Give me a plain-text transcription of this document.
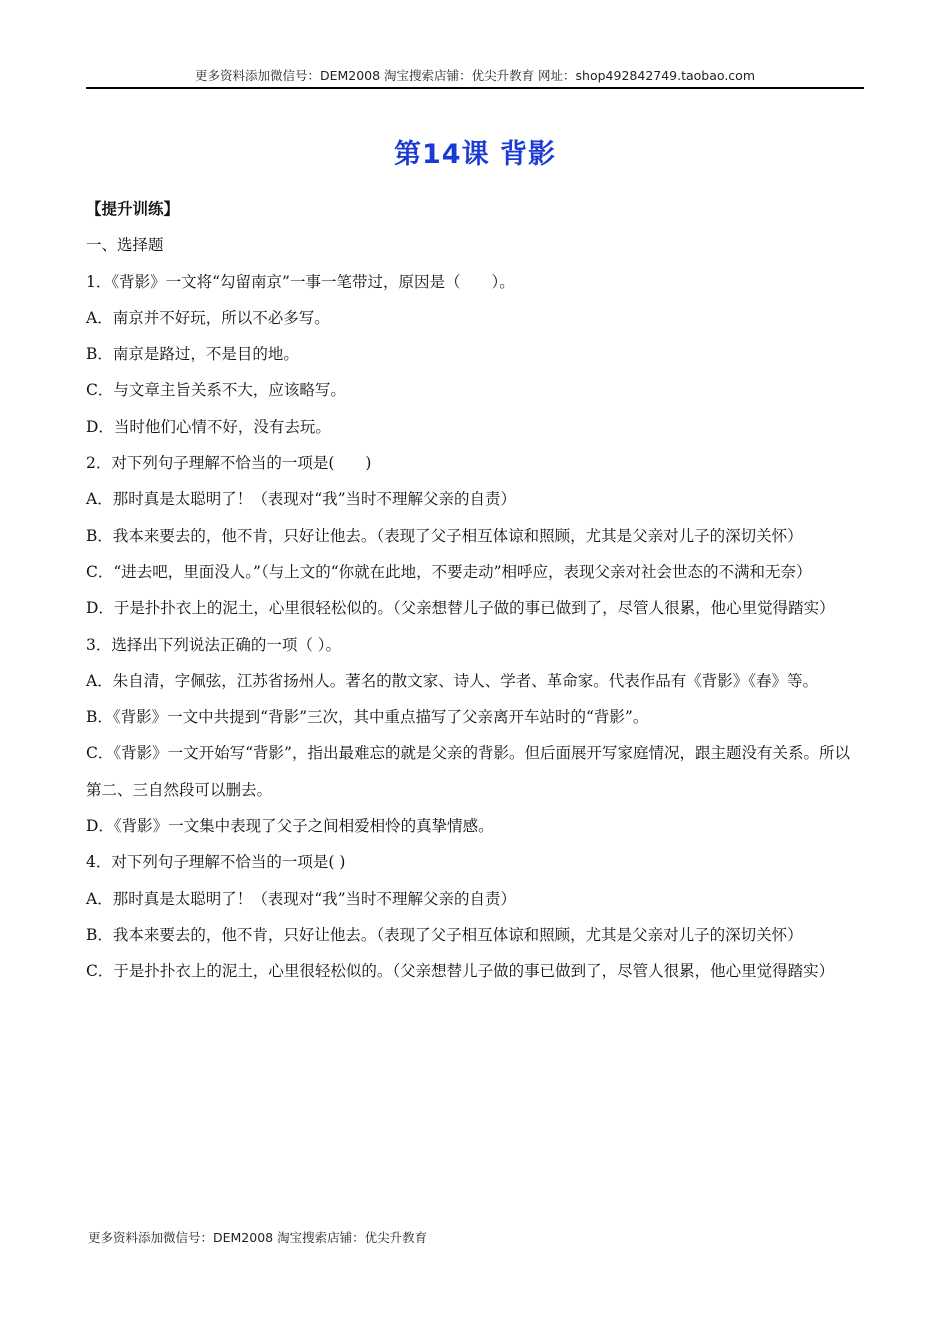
更多资料添加微信号：DEM2008 淘宝搜索店铺：优尖升教育 网址：shop492842749.taobao.com
第14课 背影
【提升训练】
一、选择题
1．《背影》一文将“勾留南京”一事一笔带过，原因是（　　）。
A．南京并不好玩，所以不必多写。
B．南京是路过，不是目的地。
C．与文章主旨关系不大，应该略写。
D．当时他们心情不好，没有去玩。
2．对下列句子理解不恰当的一项是(　　)
A．那时真是太聪明了！（表现对“我”当时不理解父亲的自责）
B．我本来要去的，他不肯，只好让他去。（表现了父子相互体谅和照顾，尤其是父亲对儿子的深切关怀）
C．“进去吧，里面没人。”（与上文的“你就在此地，不要走动”相呼应，表现父亲对社会世态的不满和无奈）
D．于是扑扑衣上的泥土，心里很轻松似的。（父亲想替儿子做的事已做到了，尽管人很累，他心里觉得踏实）
3．选择出下列说法正确的一项（ ）。
A．朱自清，字佩弦，江苏省扬州人。著名的散文家、诗人、学者、革命家。代表作品有《背影》《春》等。
B．《背影》一文中共提到“背影”三次，其中重点描写了父亲离开车站时的“背影”。
C．《背影》一文开始写“背影”，指出最难忘的就是父亲的背影。但后面展开写家庭情况，跟主题没有关系。所以第二、三自然段可以删去。
D．《背影》一文集中表现了父子之间相爱相怜的真挚情感。
4．对下列句子理解不恰当的一项是( )
A．那时真是太聪明了！（表现对“我”当时不理解父亲的自责）
B．我本来要去的，他不肯，只好让他去。（表现了父子相互体谅和照顾，尤其是父亲对儿子的深切关怀）
C．于是扑扑衣上的泥土，心里很轻松似的。（父亲想替儿子做的事已做到了，尽管人很累，他心里觉得踏实）
更多资料添加微信号：DEM2008 淘宝搜索店铺：优尖升教育
